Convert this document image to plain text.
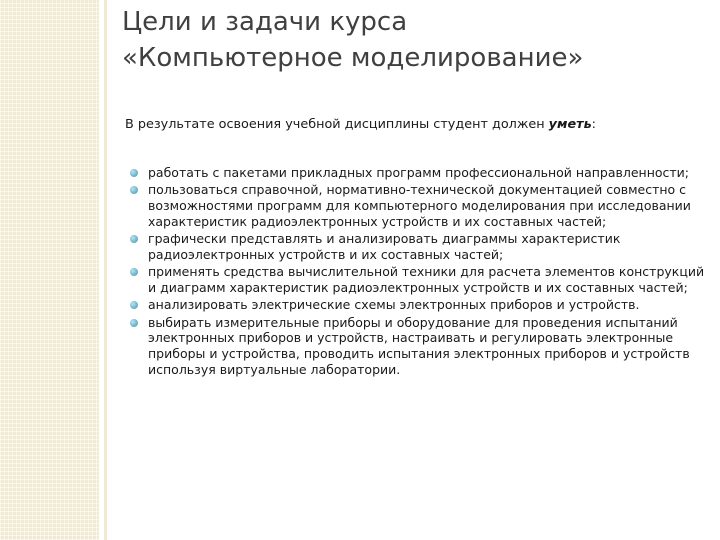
Цели и задачи курса
«Компьютерное моделирование»
В результате освоения учебной дисциплины студент должен уметь:
работать с пакетами прикладных программ профессиональной направленности;
пользоваться справочной, нормативно-технической документацией совместно с возможностями программ для компьютерного моделирования при исследовании характеристик радиоэлектронных устройств и их составных частей;
графически представлять и анализировать диаграммы характеристик радиоэлектронных устройств и их составных частей;
применять средства вычислительной техники для расчета элементов конструкций и диаграмм характеристик радиоэлектронных устройств и их составных частей;
анализировать электрические схемы электронных приборов и устройств.
выбирать измерительные приборы и оборудование для проведения испытаний электронных приборов и устройств, настраивать и регулировать электронные приборы и устройства, проводить испытания электронных приборов и устройств используя виртуальные лаборатории.
